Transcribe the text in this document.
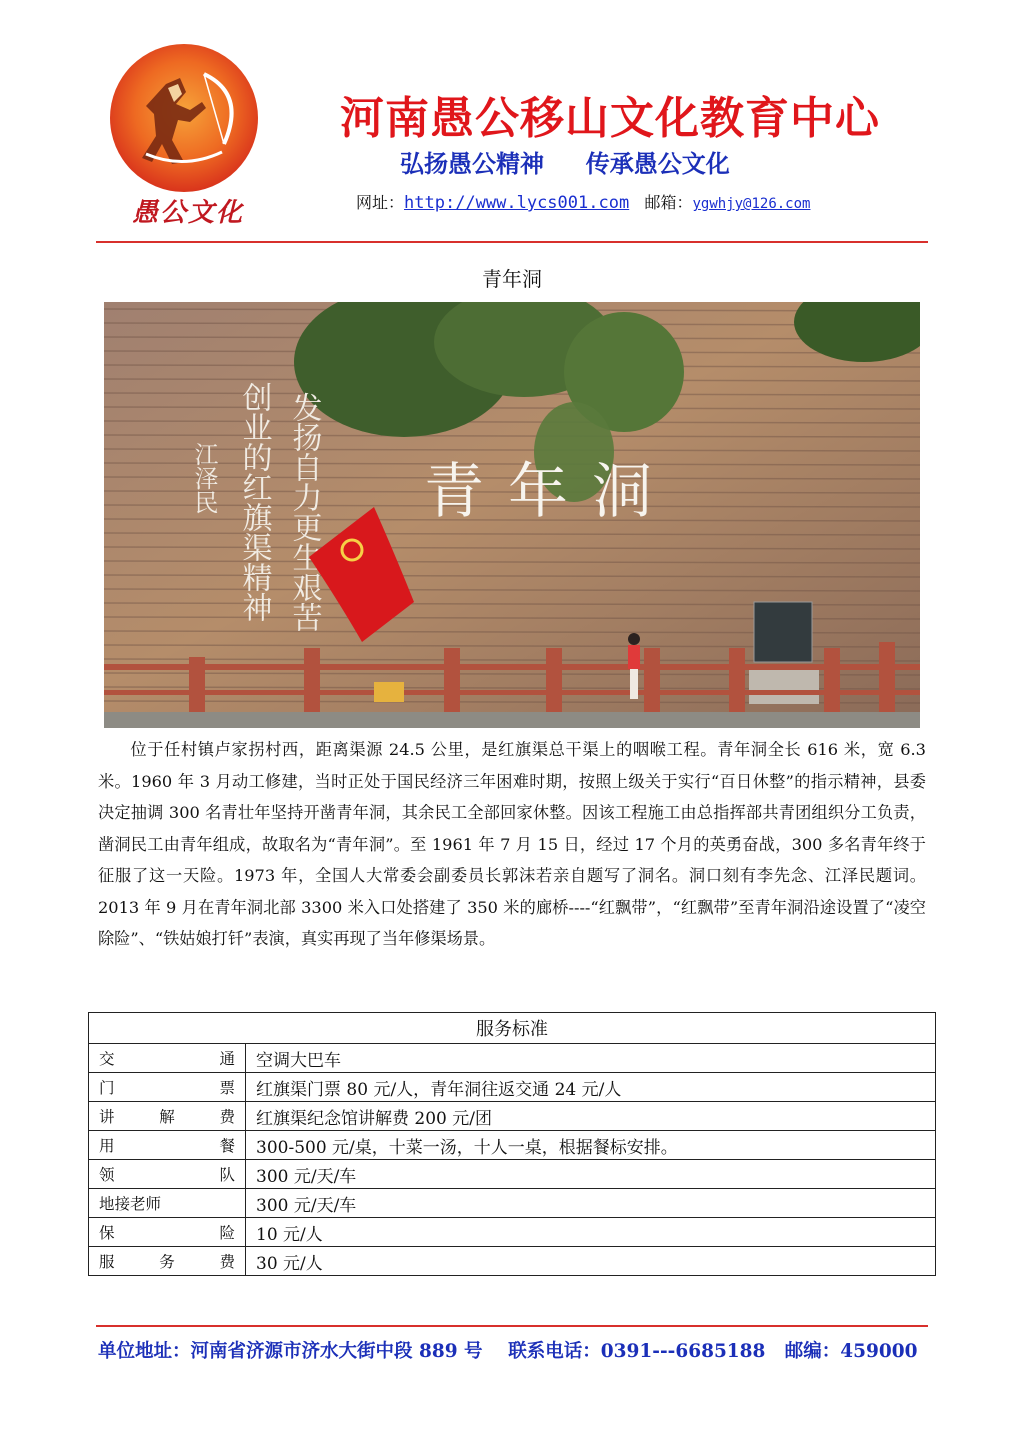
愚公文化
河南愚公移山文化教育中心
弘扬愚公精神     传承愚公文化
网址：http://www.lycs001.com 邮箱：ygwhjy@126.com
青年洞
青年洞
发扬自力更生艰苦
创业的红旗渠精神
江泽民
位于任村镇卢家拐村西，距离渠源 24.5 公里，是红旗渠总干渠上的咽喉工程。青年洞全长 616 米，宽 6.3 米。1960 年 3 月动工修建，当时正处于国民经济三年困难时期，按照上级关于实行“百日休整”的指示精神，县委决定抽调 300 名青壮年坚持开凿青年洞，其余民工全部回家休整。因该工程施工由总指挥部共青团组织分工负责，凿洞民工由青年组成，故取名为“青年洞”。至 1961 年 7 月 15 日，经过 17 个月的英勇奋战，300 多名青年终于征服了这一天险。1973 年，全国人大常委会副委员长郭沫若亲自题写了洞名。洞口刻有李先念、江泽民题词。2013 年 9 月在青年洞北部 3300 米入口处搭建了 350 米的廊桥----“红飘带”，“红飘带”至青年洞沿途设置了“凌空除险”、“铁姑娘打钎”表演，真实再现了当年修渠场景。
服务标准	
交通	空调大巴车
门票	红旗渠门票 80 元/人，青年洞往返交通 24 元/人
讲解费	红旗渠纪念馆讲解费 200 元/团
用餐	300-500 元/桌，十菜一汤，十人一桌，根据餐标安排。
领队	300 元/天/车
地接老师	300 元/天/车
保险	10 元/人
服务费	30 元/人
单位地址：河南省济源市济水大街中段 889 号 联系电话：0391---6685188 邮编：459000
